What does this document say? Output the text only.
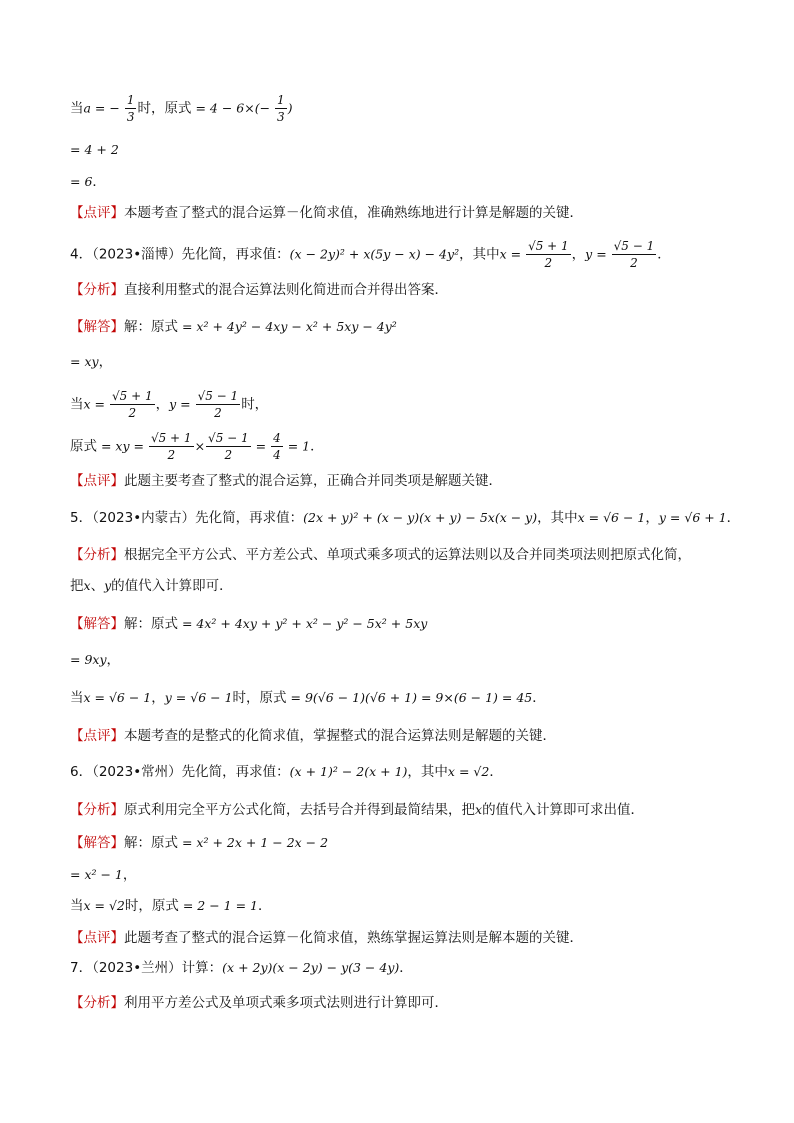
当a = − $\frac{1}{3}$ 时，原式 = $4 - 6\times(- \frac{1}{3}$ )
= 4 + 2
= 6．
【点评】本题考查了整式的混合运算－化简求值，准确熟练地进行计算是解题的关键．
4．（2023•淄博）先化简，再求值：(x − 2y)² + x(5y − x) − 4y²，其中$x = \frac{√5 + 1}{2}$ ，$y = \frac{√5 - 1}{2}$ ．
【分析】直接利用整式的混合运算法则化简进而合并得出答案．
【解答】解：原式 = x² + 4y² − 4xy − x² + 5xy − 4y²
= xy，
当$x = \frac{√5 + 1}{2}$ ，$y = \frac{√5 - 1}{2}$ 时，
原式 = xy = $\frac{√5 + 1}{2} \times \frac{√5 - 1}{2} = \frac{4}{4} = 1$．
【点评】此题主要考查了整式的混合运算，正确合并同类项是解题关键．
5．（2023•内蒙古）先化简，再求值：(2x + y)² + (x − y)(x + y) − 5x(x − y)，其中x = √6 − 1，y = √6 + 1．
【分析】根据完全平方公式、平方差公式、单项式乘多项式的运算法则以及合并同类项法则把原式化简，
把x、y的值代入计算即可．
【解答】解：原式 = 4x² + 4xy + y² + x² − y² − 5x² + 5xy
= 9xy，
当x = √6 − 1，y = √6 − 1时，原式 = 9(√6 − 1)(√6 + 1) = 9×(6 − 1) = 45．
【点评】本题考查的是整式的化简求值，掌握整式的混合运算法则是解题的关键．
6．（2023•常州）先化简，再求值：(x + 1)² − 2(x + 1)，其中x = √2．
【分析】原式利用完全平方公式化简，去括号合并得到最简结果，把x的值代入计算即可求出值．
【解答】解：原式 = x² + 2x + 1 − 2x − 2
= x² − 1，
当x = √2时，原式 = 2 − 1 = 1．
【点评】此题考查了整式的混合运算－化简求值，熟练掌握运算法则是解本题的关键．
7．（2023•兰州）计算：(x + 2y)(x − 2y) − y(3 − 4y)．
【分析】利用平方差公式及单项式乘多项式法则进行计算即可．
